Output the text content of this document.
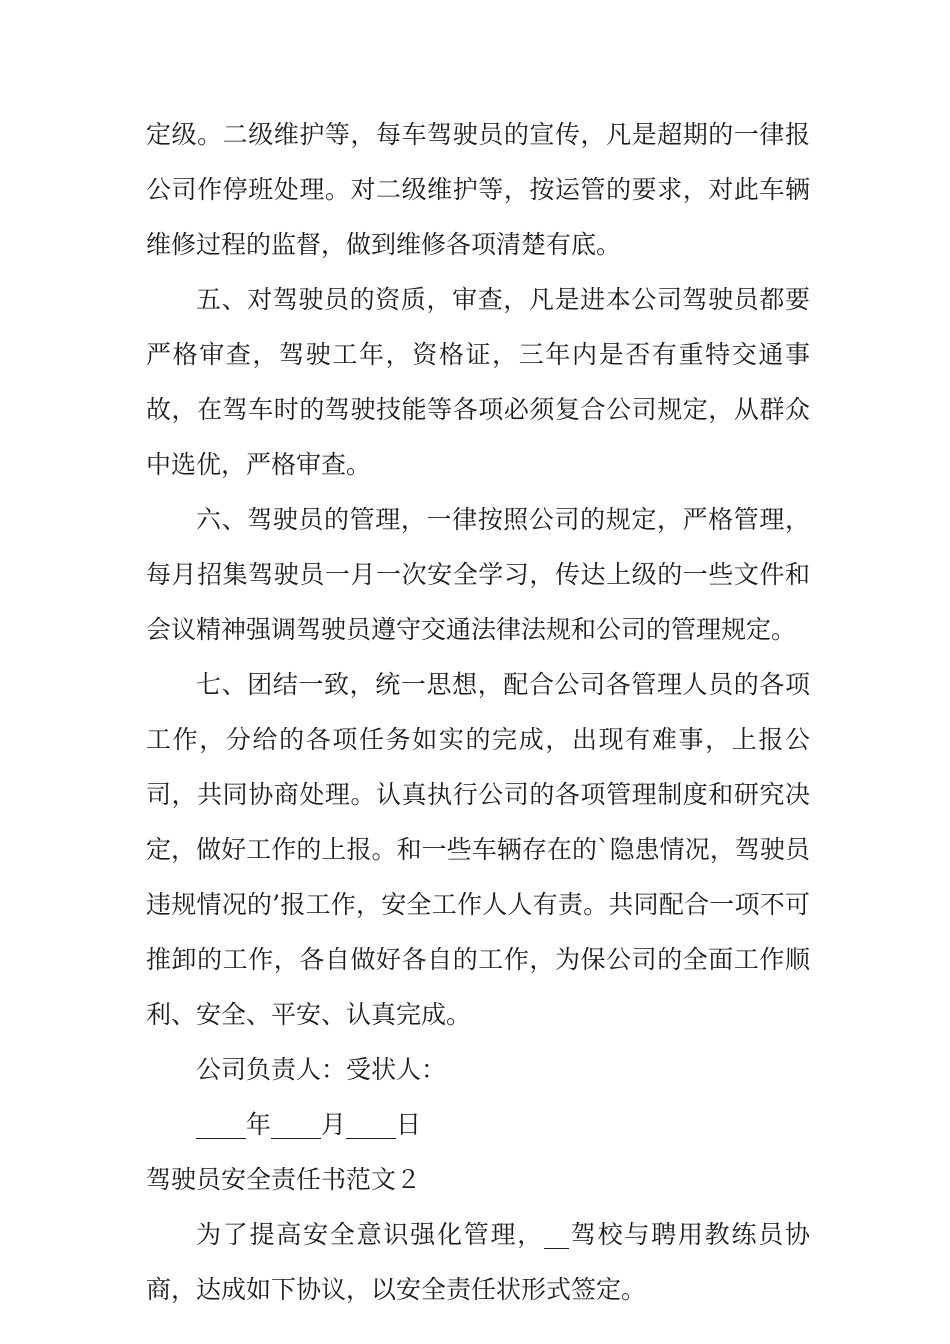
定级。二级维护等，每车驾驶员的宣传，凡是超期的一律报公司作停班处理。对二级维护等，按运管的要求，对此车辆维修过程的监督，做到维修各项清楚有底。

五、对驾驶员的资质，审查，凡是进本公司驾驶员都要严格审查，驾驶工年，资格证，三年内是否有重特交通事故，在驾车时的驾驶技能等各项必须复合公司规定，从群众中选优，严格审查。

六、驾驶员的管理，一律按照公司的规定，严格管理，每月招集驾驶员一月一次安全学习，传达上级的一些文件和会议精神强调驾驶员遵守交通法律法规和公司的管理规定。

七、团结一致，统一思想，配合公司各管理人员的各项工作，分给的各项任务如实的完成，出现有难事，上报公司，共同协商处理。认真执行公司的各项管理制度和研究决定，做好工作的上报。和一些车辆存在的`隐患情况，驾驶员违规情况的’报工作，安全工作人人有责。共同配合一项不可推卸的工作，各自做好各自的工作，为保公司的全面工作顺利、安全、平安、认真完成。

公司负责人：受状人：

____年____月____日

驾驶员安全责任书范文２

为了提高安全意识强化管理，__驾校与聘用教练员协商，达成如下协议，以安全责任状形式签定。
